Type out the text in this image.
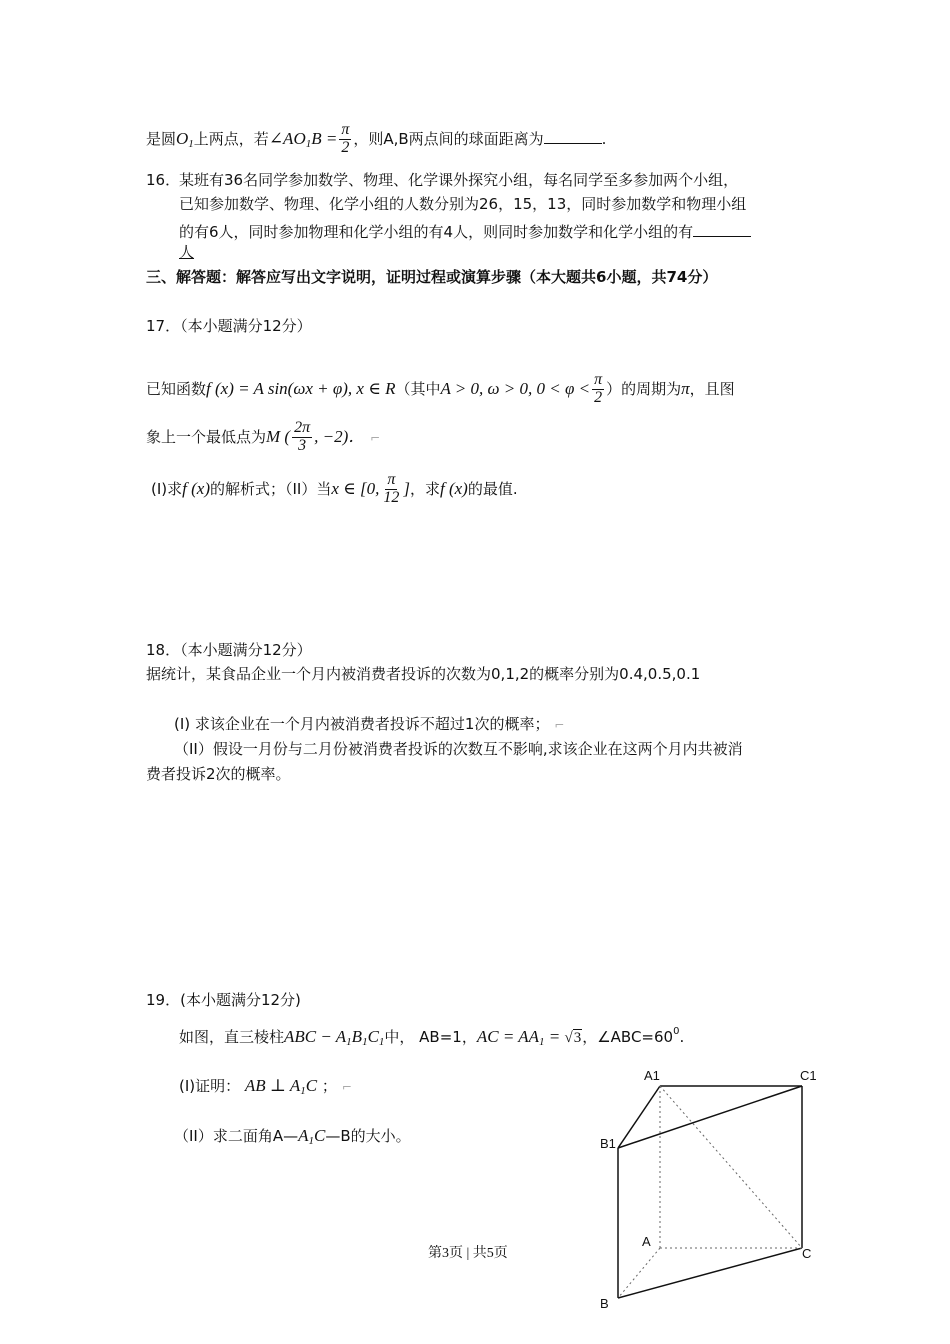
是圆$O_1$上两点，若$\angle AO_1B = \frac{\pi}{2}$ ，则A,B两点间的球面距离为	.
16．
某班有36名同学参加数学、物理、化学课外探究小组，每名同学至多参加两个小组，
已知参加数学、物理、化学小组的人数分别为26，15，13，同时参加数学和物理小组
的有6人，同时参加物理和化学小组的有4人，则同时参加数学和化学小组的有
人
三、解答题：解答应写出文字说明，证明过程或演算步骤（本大题共6小题，共74分）
17．（本小题满分12分）
已知函数f (x) = A sin(ωx + φ), x ∈ R（其中A > 0, ω > 0, $0 < \varphi < \frac{\pi}{2}$ ）的周期为π，且图
象上一个最低点为M ( $\frac{2\pi}{3}$ , −2)． ⌐
(I)求f (x)的解析式；（II）当x ∈ [0, $\frac{\pi}{12}$ ]，求f (x)的最值.
18．（本小题满分12分）
据统计，某食品企业一个月内被消费者投诉的次数为0,1,2的概率分别为0.4,0.5,0.1
(I) 求该企业在一个月内被消费者投诉不超过1次的概率； ⌐
（II）假设一月份与二月份被消费者投诉的次数互不影响,求该企业在这两个月内共被消
费者投诉2次的概率。
19．(本小题满分12分)
如图，直三棱柱ABC − $A_1B_1C_1$中， AB=1，AC = $AA_1 = √3$，$\angle ABC=60^0$.
(I)证明： AB ⊥ $A_1C$ ； ⌐
（II）求二面角$A—A_1C—B$的大小。
A1	C1
B1
A
C
B
第3页 | 共5页
